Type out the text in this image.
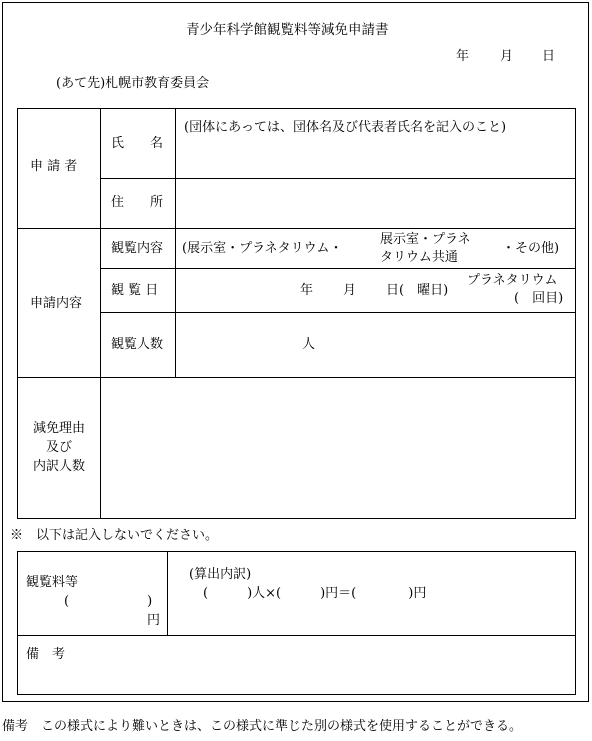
青少年科学館観覧料等減免申請書
年 月 日
(あて先)札幌市教育委員会
申 請 者
氏　　名
(団体にあっては、団体名及び代表者氏名を記入のこと)
住　　所
申請内容
観覧内容 (展示室・プラネタリウム・
展示室・プラネ
タリウム共通
・その他)
観 覧 日	年 月 日(　曜日)
プラネタリウム
(　回目)
観覧人数	人
減免理由
及び
内訳人数
※　以下は記入しないでください。
観覧料等
(　　　　　　)
円
(算出内訳)
(　　　)人×(　　　)円＝(　　　　)円
備　考
備考　この様式により難いときは、この様式に準じた別の様式を使用することができる。
